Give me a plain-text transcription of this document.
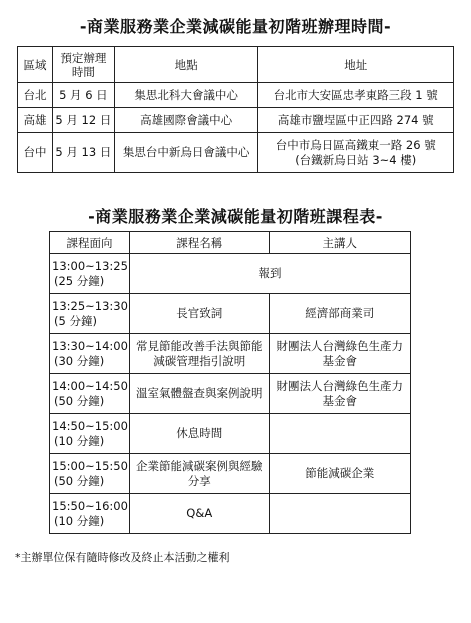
-商業服務業企業減碳能量初階班辦理時間-
區域	預定辦理時間	地點	地址
台北	5 月 6 日	集思北科大會議中心	台北市大安區忠孝東路三段 1 號
高雄	5 月 12 日	高雄國際會議中心	高雄市鹽埕區中正四路 274 號
台中	5 月 13 日	集思台中新烏日會議中心	台中市烏日區高鐵東一路 26 號
(台鐵新烏日站 3~4 樓)
-商業服務業企業減碳能量初階班課程表-
課程面向	課程名稱	主講人

13:00~13:25
(25 分鐘)	報到	

13:25~13:30
(5 分鐘)	長官致詞	經濟部商業司

13:30~14:00
(30 分鐘)	常見節能改善手法與節能減碳管理指引說明	財團法人台灣綠色生產力基金會

14:00~14:50
(50 分鐘)	溫室氣體盤查與案例說明	財團法人台灣綠色生產力基金會

14:50~15:00
(10 分鐘)	休息時間	

15:00~15:50
(50 分鐘)	企業節能減碳案例與經驗分享	節能減碳企業

15:50~16:00
(10 分鐘)	Q&A	
*主辦單位保有隨時修改及終止本活動之權利
